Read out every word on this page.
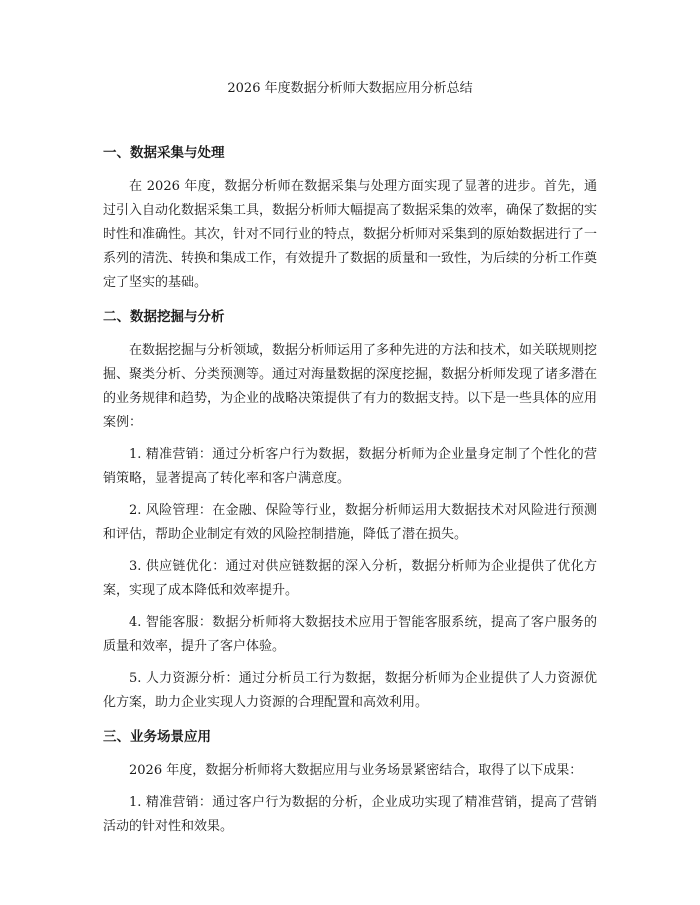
2026 年度数据分析师大数据应用分析总结
一、数据采集与处理
在 2026 年度，数据分析师在数据采集与处理方面实现了显著的进步。首先，通过引入自动化数据采集工具，数据分析师大幅提高了数据采集的效率，确保了数据的实时性和准确性。其次，针对不同行业的特点，数据分析师对采集到的原始数据进行了一系列的清洗、转换和集成工作，有效提升了数据的质量和一致性，为后续的分析工作奠定了坚实的基础。
二、数据挖掘与分析
在数据挖掘与分析领域，数据分析师运用了多种先进的方法和技术，如关联规则挖掘、聚类分析、分类预测等。通过对海量数据的深度挖掘，数据分析师发现了诸多潜在的业务规律和趋势，为企业的战略决策提供了有力的数据支持。以下是一些具体的应用案例：
1. 精准营销：通过分析客户行为数据，数据分析师为企业量身定制了个性化的营销策略，显著提高了转化率和客户满意度。
2. 风险管理：在金融、保险等行业，数据分析师运用大数据技术对风险进行预测和评估，帮助企业制定有效的风险控制措施，降低了潜在损失。
3. 供应链优化：通过对供应链数据的深入分析，数据分析师为企业提供了优化方案，实现了成本降低和效率提升。
4. 智能客服：数据分析师将大数据技术应用于智能客服系统，提高了客户服务的质量和效率，提升了客户体验。
5. 人力资源分析：通过分析员工行为数据，数据分析师为企业提供了人力资源优化方案，助力企业实现人力资源的合理配置和高效利用。
三、业务场景应用
2026 年度，数据分析师将大数据应用与业务场景紧密结合，取得了以下成果：
1. 精准营销：通过客户行为数据的分析，企业成功实现了精准营销，提高了营销活动的针对性和效果。
